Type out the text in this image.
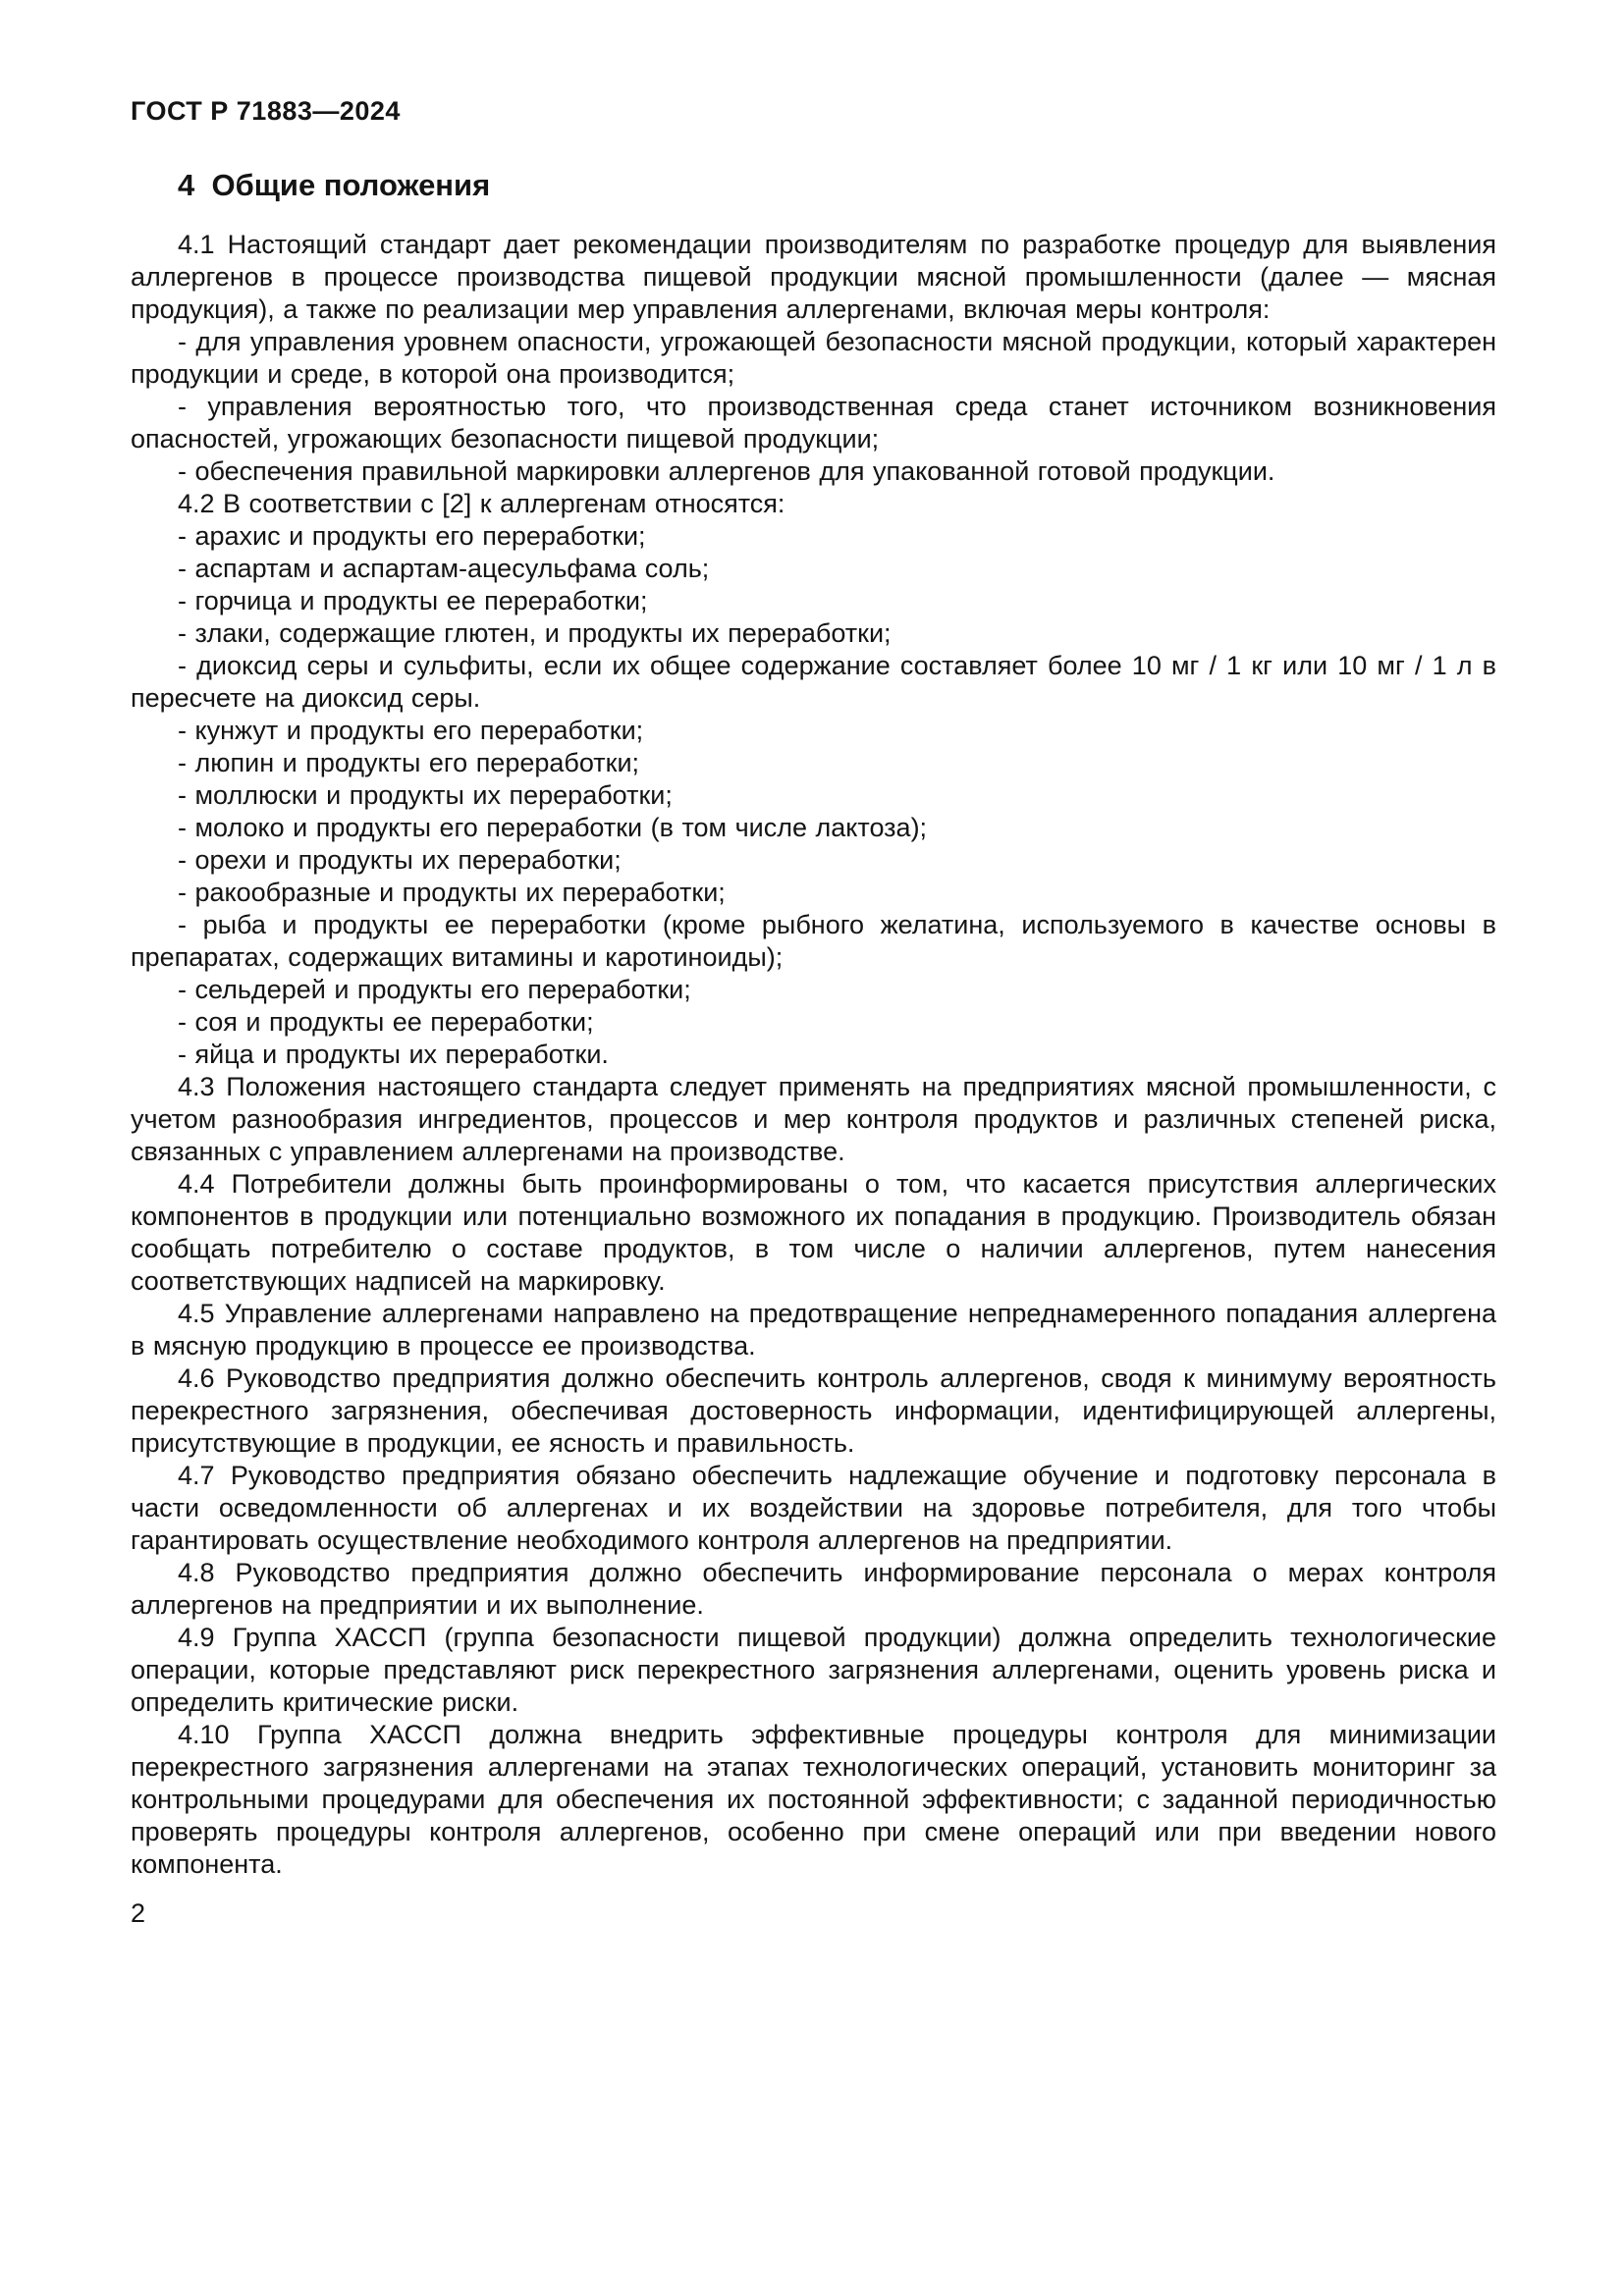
ГОСТ Р 71883—2024
4  Общие положения

4.1 Настоящий стандарт дает рекомендации производителям по разработке процедур для выявления аллергенов в процессе производства пищевой продукции мясной промышленности (далее — мясная продукция), а также по реализации мер управления аллергенами, включая меры контроля:

- для управления уровнем опасности, угрожающей безопасности мясной продукции, который характерен продукции и среде, в которой она производится;

- управления вероятностью того, что производственная среда станет источником возникновения опасностей, угрожающих безопасности пищевой продукции;

- обеспечения правильной маркировки аллергенов для упакованной готовой продукции.

4.2 В соответствии с [2] к аллергенам относятся:

- арахис и продукты его переработки;

- аспартам и аспартам-ацесульфама соль;

- горчица и продукты ее переработки;

- злаки, содержащие глютен, и продукты их переработки;

- диоксид серы и сульфиты, если их общее содержание составляет более 10 мг / 1 кг или 10 мг / 1 л в пересчете на диоксид серы.

- кунжут и продукты его переработки;

- люпин и продукты его переработки;

- моллюски и продукты их переработки;

- молоко и продукты его переработки (в том числе лактоза);

- орехи и продукты их переработки;

- ракообразные и продукты их переработки;

- рыба и продукты ее переработки (кроме рыбного желатина, используемого в качестве основы в препаратах, содержащих витамины и каротиноиды);

- сельдерей и продукты его переработки;

- соя и продукты ее переработки;

- яйца и продукты их переработки.

4.3 Положения настоящего стандарта следует применять на предприятиях мясной промышленности, с учетом разнообразия ингредиентов, процессов и мер контроля продуктов и различных степеней риска, связанных с управлением аллергенами на производстве.

4.4 Потребители должны быть проинформированы о том, что касается присутствия аллергических компонентов в продукции или потенциально возможного их попадания в продукцию. Производитель обязан сообщать потребителю о составе продуктов, в том числе о наличии аллергенов, путем нанесения соответствующих надписей на маркировку.

4.5 Управление аллергенами направлено на предотвращение непреднамеренного попадания аллергена в мясную продукцию в процессе ее производства.

4.6 Руководство предприятия должно обеспечить контроль аллергенов, сводя к минимуму вероятность перекрестного загрязнения, обеспечивая достоверность информации, идентифицирующей аллергены, присутствующие в продукции, ее ясность и правильность.

4.7 Руководство предприятия обязано обеспечить надлежащие обучение и подготовку персонала в части осведомленности об аллергенах и их воздействии на здоровье потребителя, для того чтобы гарантировать осуществление необходимого контроля аллергенов на предприятии.

4.8 Руководство предприятия должно обеспечить информирование персонала о мерах контроля аллергенов на предприятии и их выполнение.

4.9 Группа ХАССП (группа безопасности пищевой продукции) должна определить технологические операции, которые представляют риск перекрестного загрязнения аллергенами, оценить уровень риска и определить критические риски.

4.10 Группа ХАССП должна внедрить эффективные процедуры контроля для минимизации перекрестного загрязнения аллергенами на этапах технологических операций, установить мониторинг за контрольными процедурами для обеспечения их постоянной эффективности; с заданной периодичностью проверять процедуры контроля аллергенов, особенно при смене операций или при введении нового компонента.

2
